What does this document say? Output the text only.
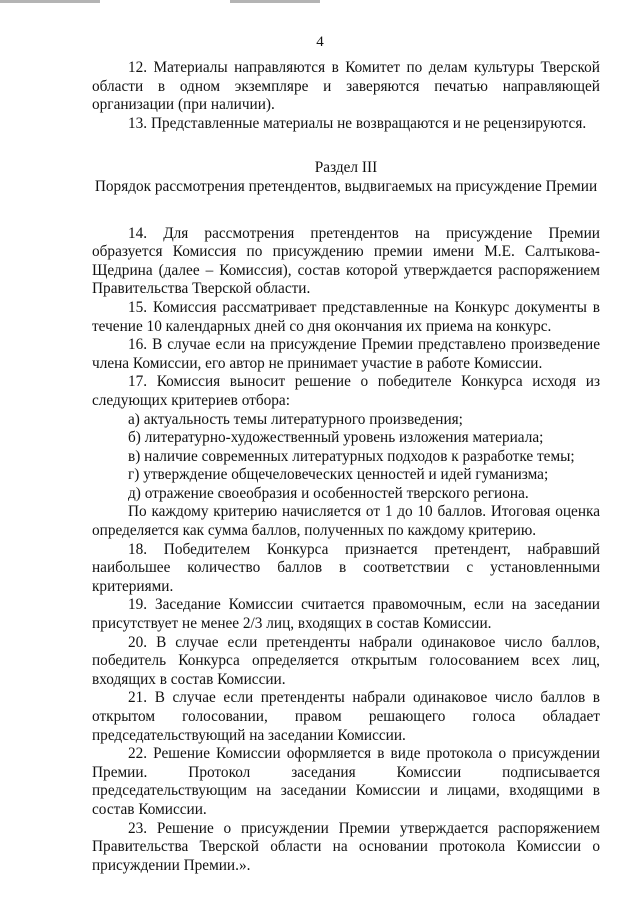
4

12. Материалы направляются в Комитет по делам культуры Тверской области в одном экземпляре и заверяются печатью направляющей организации (при наличии).

13. Представленные материалы не возвращаются и не рецензируются.

Раздел III

Порядок рассмотрения претендентов, выдвигаемых на присуждение Премии

14. Для рассмотрения претендентов на присуждение Премии образуется Комиссия по присуждению премии имени М.Е. Салтыкова-Щедрина (далее – Комиссия), состав которой утверждается распоряжением Правительства Тверской области.

15. Комиссия рассматривает представленные на Конкурс документы в течение 10 календарных дней со дня окончания их приема на конкурс.

16. В случае если на присуждение Премии представлено произведение члена Комиссии, его автор не принимает участие в работе Комиссии.

17. Комиссия выносит решение о победителе Конкурса исходя из следующих критериев отбора:

а) актуальность темы литературного произведения;

б) литературно-художественный уровень изложения материала;

в) наличие современных литературных подходов к разработке темы;

г) утверждение общечеловеческих ценностей и идей гуманизма;

д) отражение своеобразия и особенностей тверского региона.

По каждому критерию начисляется от 1 до 10 баллов. Итоговая оценка определяется как сумма баллов, полученных по каждому критерию.

18. Победителем Конкурса признается претендент, набравший наибольшее количество баллов в соответствии с установленными критериями.

19. Заседание Комиссии считается правомочным, если на заседании присутствует не менее 2/3 лиц, входящих в состав Комиссии.

20. В случае если претенденты набрали одинаковое число баллов, победитель Конкурса определяется открытым голосованием всех лиц, входящих в состав Комиссии.

21. В случае если претенденты набрали одинаковое число баллов в открытом голосовании, правом решающего голоса обладает председательствующий на заседании Комиссии.

22. Решение Комиссии оформляется в виде протокола о присуждении Премии. Протокол заседания Комиссии подписывается председательствующим на заседании Комиссии и лицами, входящими в состав Комиссии.

23. Решение о присуждении Премии утверждается распоряжением Правительства Тверской области на основании протокола Комиссии о присуждении Премии.».
